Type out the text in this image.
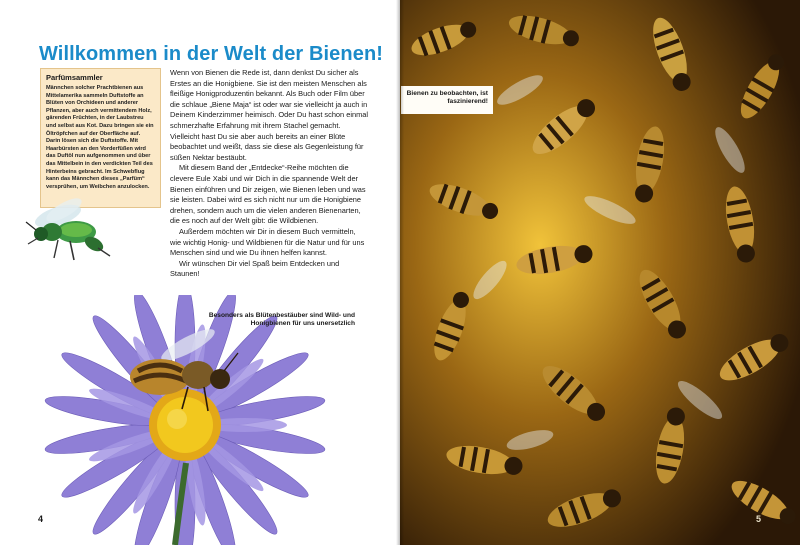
Willkommen in der Welt der Bienen!
Parfümsammler
Männchen solcher Prachtbienen aus Mittelamerika sammeln Duftstoffe an Blüten von Orchideen und anderer Pflanzen, aber auch vermittendem Holz, gärenden Früchten, in der Laubstreu und selbst aus Kot. Dazu bringen sie ein Öltröpfchen auf der Oberfläche auf. Darin lösen sich die Duftstoffe. Mit Haarbürsten an den Vorderfüßen wird das Duftöl nun aufgenommen und über das Mittelbein in den verdickten Teil des Hinterbeins gebracht. Im Schwebflug kann das Männchen dieses „Parfüm“ versprühen, um Weibchen anzulocken.

Wenn von Bienen die Rede ist, dann denkst Du sicher als Erstes an die Honigbiene. Sie ist den meisten Menschen als fleißige Honigproduzentin bekannt. Als Buch oder Film über die schlaue „Biene Maja“ ist oder war sie vielleicht ja auch in Deinem Kinderzimmer heimisch. Oder Du hast schon einmal schmerzhafte Erfahrung mit ihrem Stachel gemacht. Vielleicht hast Du sie aber auch bereits an einer Blüte beobachtet und weißt, dass sie diese als Gegenleistung für süßen Nektar bestäubt.

Mit diesem Band der „Entdecke“-Reihe möchten die clevere Eule Xabi und wir Dich in die spannende Welt der Bienen einführen und Dir zeigen, wie Bienen leben und was sie leisten. Dabei wird es sich nicht nur um die Honigbiene drehen, sondern auch um die vielen anderen Bienenarten, die es noch auf der Welt gibt: die Wildbienen.

Außerdem möchten wir Dir in diesem Buch vermitteln, wie wichtig Honig- und Wildbienen für die Natur und für uns Menschen sind und wie Du ihnen helfen kannst.

Wir wünschen Dir viel Spaß beim Entdecken und Staunen!

Besonders als Blütenbestäuber sind Wild- und Honigbienen für uns unersetzlich
4
Bienen zu beobachten, ist faszinierend!
5
